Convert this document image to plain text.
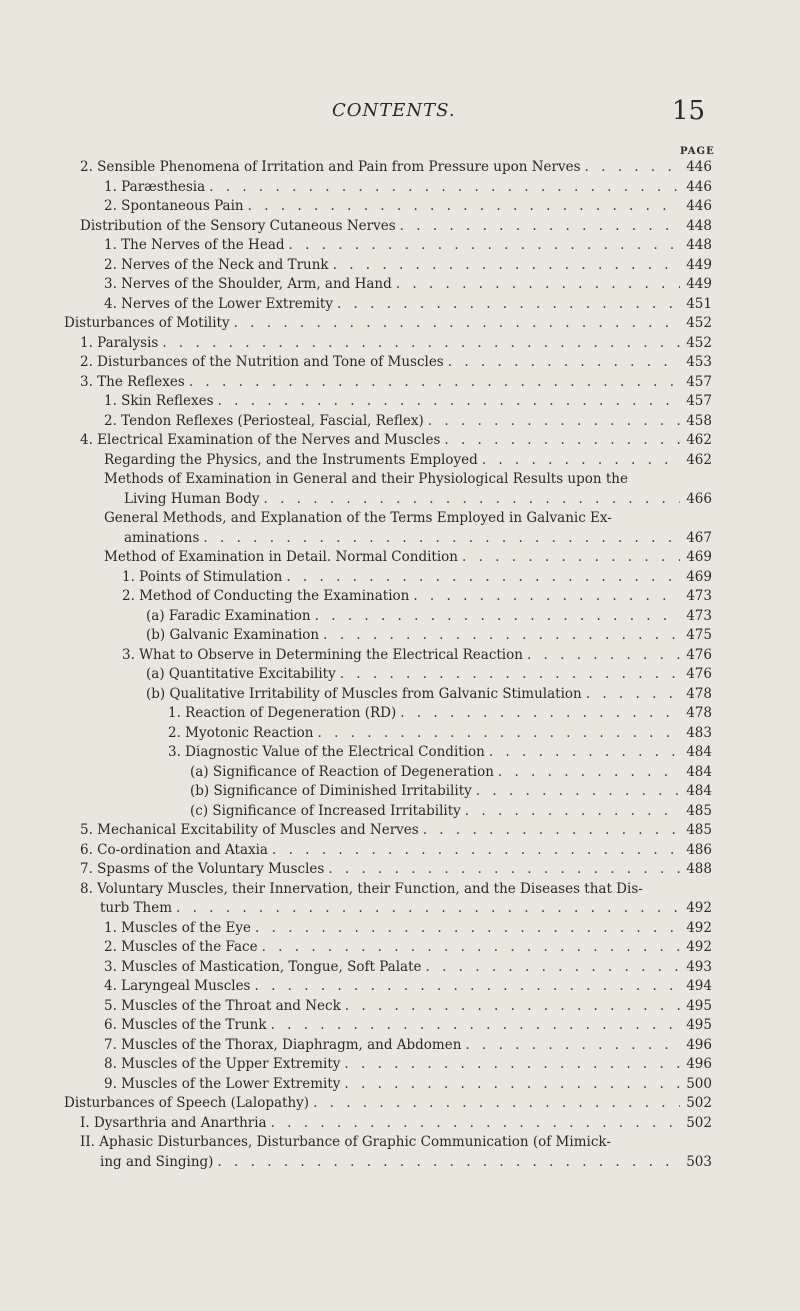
CONTENTS.	15
PAGE
2. Sensible Phenomena of Irritation and Pain from Pressure upon Nerves . . .	446
1. Paræsthesia . . .	446
2. Spontaneous Pain . . .	446
Distribution of the Sensory Cutaneous Nerves . . .	448
1. The Nerves of the Head . . .	448
2. Nerves of the Neck and Trunk . . .	449
3. Nerves of the Shoulder, Arm, and Hand . . .	449
4. Nerves of the Lower Extremity . . .	451
Disturbances of Motility . . .	452
1. Paralysis . . .	452
2. Disturbances of the Nutrition and Tone of Muscles . . .	453
3. The Reflexes . . .	457
1. Skin Reflexes . . .	457
2. Tendon Reflexes (Periosteal, Fascial, Reflex) . . .	458
4. Electrical Examination of the Nerves and Muscles . . .	462
Regarding the Physics, and the Instruments Employed . . .	462
Methods of Examination in General and their Physiological Results upon the
Living Human Body . . .	466
General Methods, and Explanation of the Terms Employed in Galvanic Ex-
aminations . . .	467
Method of Examination in Detail. Normal Condition . . .	469
1. Points of Stimulation . . .	469
2. Method of Conducting the Examination . . .	473
(a) Faradic Examination . . .	473
(b) Galvanic Examination . . .	475
3. What to Observe in Determining the Electrical Reaction . . .	476
(a) Quantitative Excitability . . .	476
(b) Qualitative Irritability of Muscles from Galvanic Stimulation . . .	478
1. Reaction of Degeneration (RD) . . .	478
2. Myotonic Reaction . . .	483
3. Diagnostic Value of the Electrical Condition . . .	484
(a) Significance of Reaction of Degeneration . . .	484
(b) Significance of Diminished Irritability . . .	484
(c) Significance of Increased Irritability . . .	485
5. Mechanical Excitability of Muscles and Nerves . . .	485
6. Co-ordination and Ataxia . . .	486
7. Spasms of the Voluntary Muscles . . .	488
8. Voluntary Muscles, their Innervation, their Function, and the Diseases that Dis-
turb Them . . .	492
1. Muscles of the Eye . . .	492
2. Muscles of the Face . . .	492
3. Muscles of Mastication, Tongue, Soft Palate . . .	493
4. Laryngeal Muscles . . .	494
5. Muscles of the Throat and Neck . . .	495
6. Muscles of the Trunk . . .	495
7. Muscles of the Thorax, Diaphragm, and Abdomen . . .	496
8. Muscles of the Upper Extremity . . .	496
9. Muscles of the Lower Extremity . . .	500
Disturbances of Speech (Lalopathy) . . .	502
I. Dysarthria and Anarthria . . .	502
II. Aphasic Disturbances, Disturbance of Graphic Communication (of Mimick-
ing and Singing) . . .	503
